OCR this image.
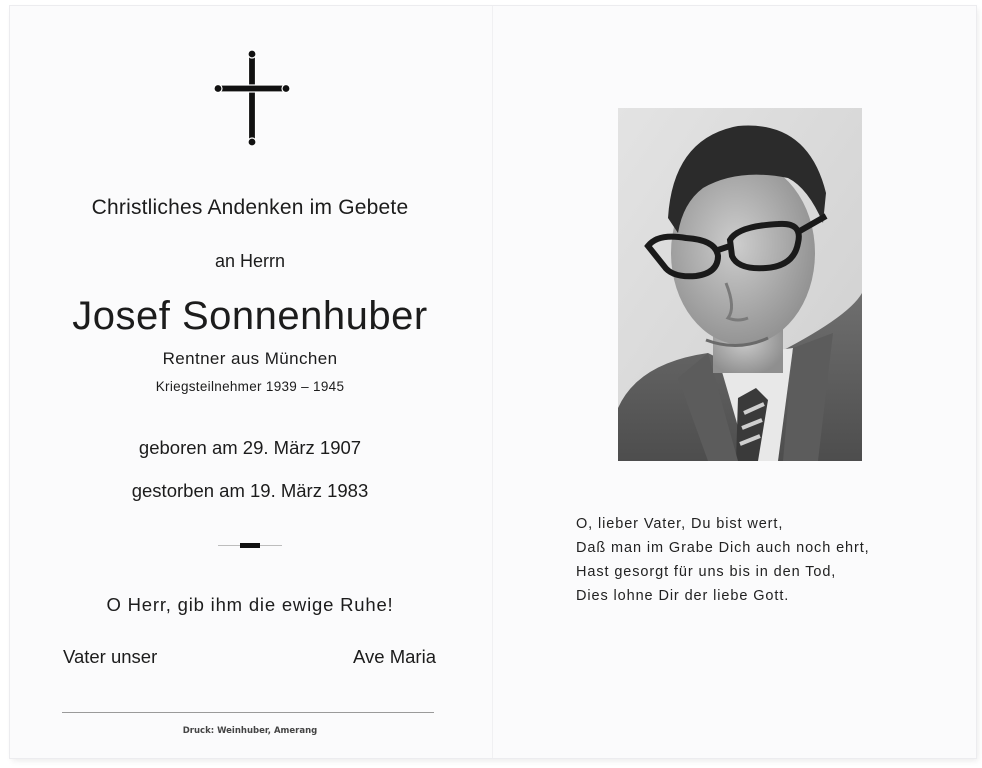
Christliches Andenken im Gebete
an Herrn
Josef Sonnenhuber
Rentner aus München
Kriegsteilnehmer 1939 – 1945
geboren am 29. März 1907
gestorben am 19. März 1983
O Herr, gib ihm die ewige Ruhe!
Vater unser	Ave Maria
Druck: Weinhuber, Amerang
O, lieber Vater, Du bist wert,
Daß man im Grabe Dich auch noch ehrt,
Hast gesorgt für uns bis in den Tod,
Dies lohne Dir der liebe Gott.
